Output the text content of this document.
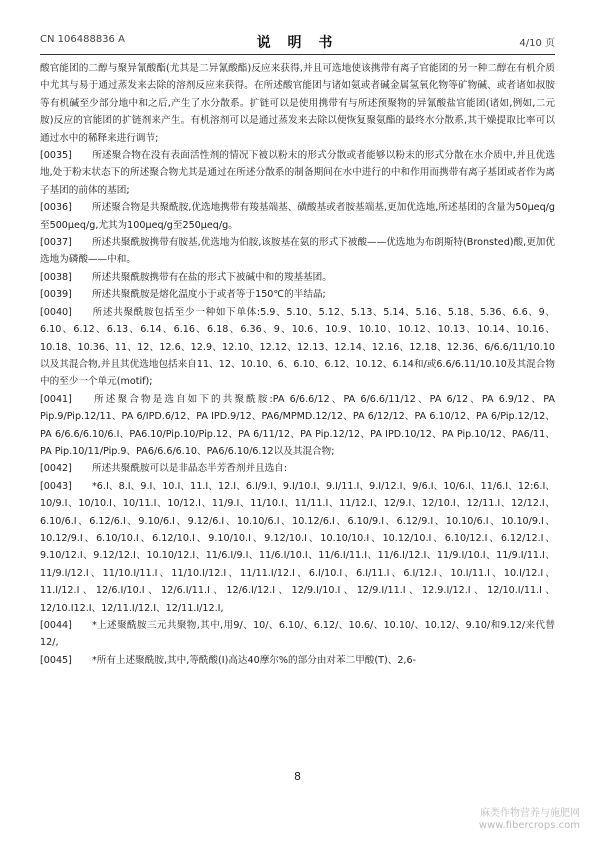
CN 106488836 A	说 明 书	4/10 页

酸官能团的二醇与聚异氰酸酯(尤其是二异氰酸酯)反应来获得,并且可选地使该携带有离子官能团的另一种二醇在有机介质中尤其与易于通过蒸发来去除的溶剂反应来获得。在所述酸官能团与诸如氨或者碱金属氢氧化物等矿物碱、或者诸如叔胺等有机碱至少部分地中和之后,产生了水分散系。扩链可以是使用携带有与所述预聚物的异氰酸盐官能团(诸如,例如,二元胺)反应的官能团的扩链剂来产生。有机溶剂可以是通过蒸发来去除以便恢复聚氨酯的最终水分散系,其干燥提取比率可以通过水中的稀释来进行调节;

[0035] 所述聚合物在没有表面活性剂的情况下被以粉末的形式分散或者能够以粉末的形式分散在水介质中,并且优选地,处于粉末状态下的所述聚合物尤其是通过在所述分散系的制备期间在水中进行的中和作用而携带有离子基团或者作为离子基团的前体的基团;

[0036] 所述聚合物是共聚酰胺,优选地携带有羧基端基、磺酸基或者胺基端基,更加优选地,所述基团的含量为50μeq/g至500μeq/g,尤其为100μeq/g至250μeq/g。

[0037] 所述共聚酰胺携带有胺基,优选地为伯胺,该胺基在氨的形式下被酸——优选地为布朗斯特(Bronsted)酸,更加优选地为磷酸——中和。

[0038] 所述共聚酰胺携带有在盐的形式下被碱中和的羧基基团。

[0039] 所述共聚酰胺是熔化温度小于或者等于150℃的半结晶;

[0040] 所述共聚酰胺包括至少一种如下单体:5.9、5.10、5.12、5.13、5.14、5.16、5.18、5.36、6.6、9、6.10、6.12、6.13、6.14、6.16、6.18、6.36、9、10.6、10.9、10.10、10.12、10.13、10.14、10.16、10.18、10.36、11、12、12.6、12.9、12.10、12.12、12.13、12.14、12.16、12.18、12.36、6/6.6/11/10.10以及其混合物,并且其优选地包括来自11、12、10.10、6、6.10、6.12、10.12、6.14和/或6.6/6.11/10.10及其混合物中的至少一个单元(motif);

[0041] 所述聚合物是选自如下的共聚酰胺:PA 6/6.6/12、PA 6/6.6/11/12、PA 6/12、PA 6.9/12、PA Pip.9/Pip.12/11、PA 6/IPD.6/12、PA IPD.9/12、PA6/MPMD.12/12、PA 6/12/12、PA 6.10/12、PA 6/Pip.12/12、PA 6/6.6/6.10/6.I、PA6.10/Pip.10/Pip.12、PA 6/11/12、PA Pip.12/12、PA IPD.10/12、PA Pip.10/12、PA6/11、PA Pip.10/11/Pip.9、PA6/6.6/6.10、PA6/6.10/6.12以及其混合物;

[0042] 所述共聚酰胺可以是非晶态半芳香剂并且选自:

[0043] *6.I、8.I、9.I、10.I、11.I、12.I、6.I/9.I、9.I/10.I、9.I/11.I、9.I/12.I、9/6.I、10/6.I、11/6.I、12:6.I、10/9.I、10/10.I、10/11.I、10/12.I、11/9.I、11/10.I、11/11.I、11/12.I、12/9.I、12/10.I、12/11.I、12/12.I、6.10/6.I、6.12/6.I、9.10/6.I、9.12/6.I、10.10/6.I、10.12/6.I、6.10/9.I、6.12/9.I、10.10/6.I、10.10/9.I、10.12/9.I、6.10/10.I、6.12/10.I、9.10/10.I、9.12/10.I、10.10/10.I、10.12/10.I、6.10/12.I、6.12/12.I、9.10/12.I、9.12/12.I、10.10/12.I、11/6.I/9.I、11/6.I/10.I、11/6.I/11.I、11/6.I/12.I、11/9.I/10.I、11/9.I/11.I、11/9.I/12.I、11/10.I/11.I、11/10.I/12.I、11/11.I/12.I、6.I/10.I、6.I/11.I、6.I/12.I、10.I/11.I、10.I/12.I、11.I/12.I、12/6.I/10.I、12/6.I/11.I、12/6.I/12.I、12/9.I/10.I、12/9.I/11.I、12.9.I/12.I、12/10.I/11.I、12/10.I12.I、12/11.I/12.I、12/11.I/12.I,

[0044] *上述聚酰胺三元共聚物,其中,用9/、10/、6.10/、6.12/、10.6/、10.10/、10.12/、9.10/和9.12/来代替12/,

[0045] *所有上述聚酰胺,其中,等酰酸(I)高达40摩尔%的部分由对苯二甲酸(T)、2,6-

8
麻类作物营养与施肥网
www.fibercrops.com
